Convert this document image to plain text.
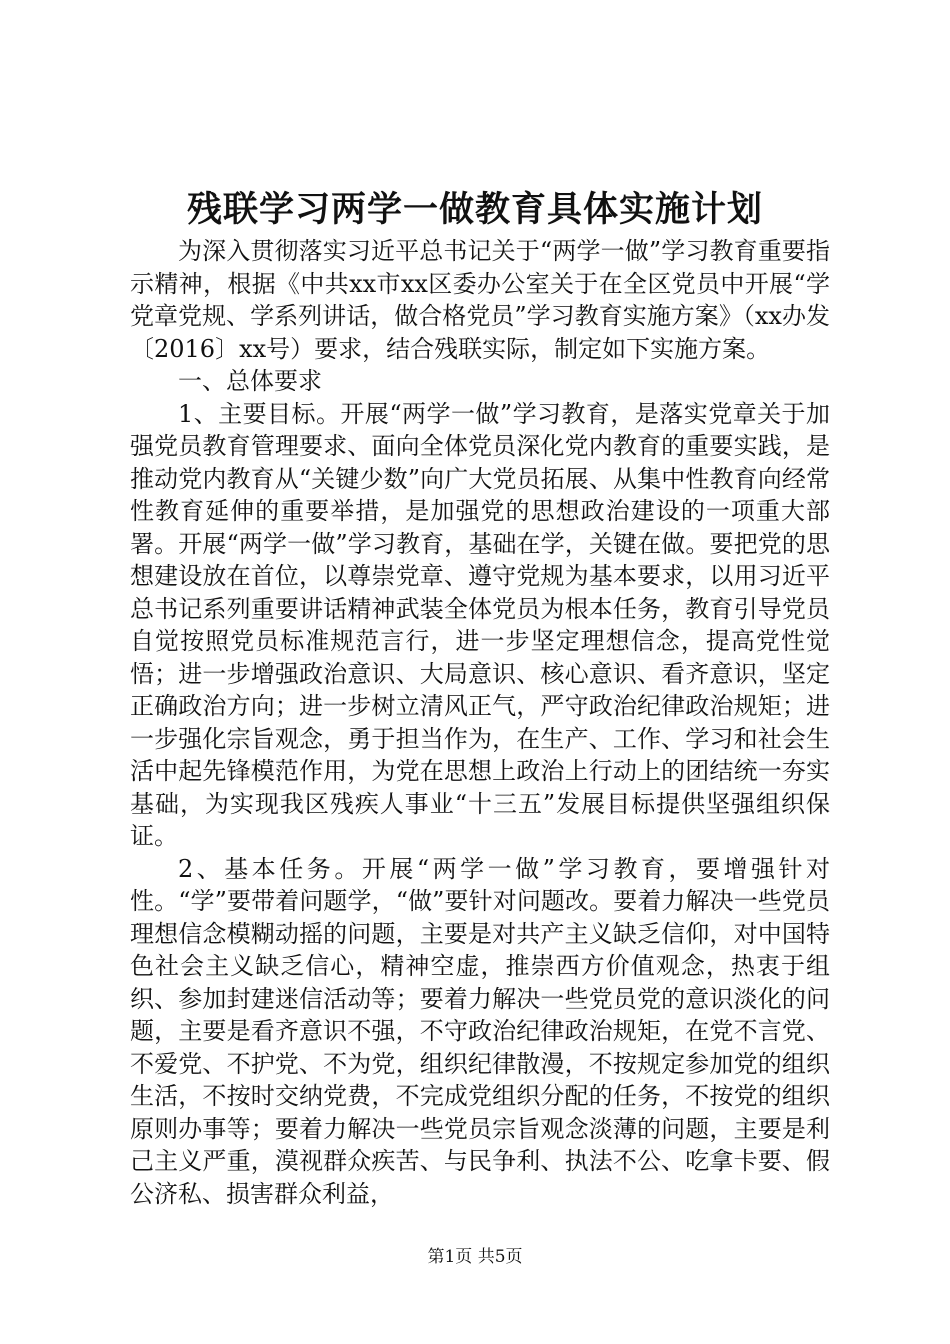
残联学习两学一做教育具体实施计划

为深入贯彻落实习近平总书记关于“两学一做”学习教育重要指示精神，根据《中共xx市xx区委办公室关于在全区党员中开展“学党章党规、学系列讲话，做合格党员”学习教育实施方案》（xx办发〔2016〕xx号）要求，结合残联实际，制定如下实施方案。

一、总体要求

1、主要目标。开展“两学一做”学习教育，是落实党章关于加强党员教育管理要求、面向全体党员深化党内教育的重要实践，是推动党内教育从“关键少数”向广大党员拓展、从集中性教育向经常性教育延伸的重要举措，是加强党的思想政治建设的一项重大部署。开展“两学一做”学习教育，基础在学，关键在做。要把党的思想建设放在首位，以尊崇党章、遵守党规为基本要求，以用习近平总书记系列重要讲话精神武装全体党员为根本任务，教育引导党员自觉按照党员标准规范言行，进一步坚定理想信念，提高党性觉悟；进一步增强政治意识、大局意识、核心意识、看齐意识，坚定正确政治方向；进一步树立清风正气，严守政治纪律政治规矩；进一步强化宗旨观念，勇于担当作为，在生产、工作、学习和社会生活中起先锋模范作用，为党在思想上政治上行动上的团结统一夯实基础，为实现我区残疾人事业“十三五”发展目标提供坚强组织保证。

2、基本任务。开展“两学一做”学习教育，要增强针对性。“学”要带着问题学，“做”要针对问题改。要着力解决一些党员理想信念模糊动摇的问题，主要是对共产主义缺乏信仰，对中国特色社会主义缺乏信心，精神空虚，推崇西方价值观念，热衷于组织、参加封建迷信活动等；要着力解决一些党员党的意识淡化的问题，主要是看齐意识不强，不守政治纪律政治规矩，在党不言党、不爱党、不护党、不为党，组织纪律散漫，不按规定参加党的组织生活，不按时交纳党费，不完成党组织分配的任务，不按党的组织原则办事等；要着力解决一些党员宗旨观念淡薄的问题，主要是利己主义严重，漠视群众疾苦、与民争利、执法不公、吃拿卡要、假公济私、损害群众利益，

第1页 共5页
